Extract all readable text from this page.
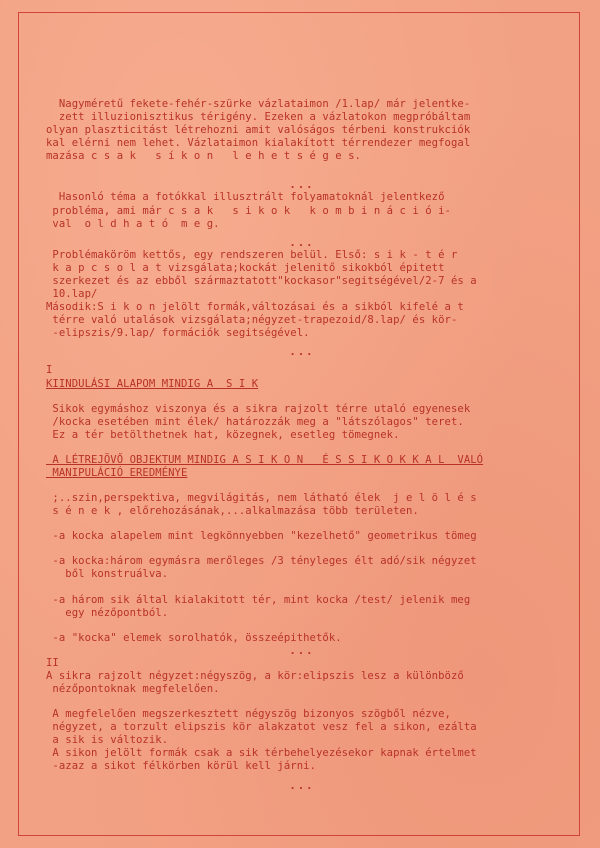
Nagyméretű fekete-fehér-szürke vázlataimon /1.lap/ már jelentke-

zett illuzionisztikus térigény. Ezeken a vázlatokon megpróbáltam

olyan plaszticitást létrehozni amit valóságos térbeni konstrukciók

kal elérni nem lehet. Vázlataimon kialakított térrendezer megfogal

mazása c s a k   s í k o n   l e h e t s é g e s.

...

Hasonló téma a fotókkal illusztrált folyamatoknál jelentkező

probléma, ami már c s a k   s i k o k   k o m b i n á c i ó i-

val  o l d h a t ó  m e g.

...

Problémaköröm kettős, egy rendszeren belül. Első: s i k - t é r

k a p c s o l a t vizsgálata;kockát jelenitő sikokból épitett

szerkezet és az ebből származtatott"kockasor"segitségével/2-7 és a

10.lap/

Második:S i k o n jelölt formák,változásai és a sikból kifelé a t

térre való utalások vizsgálata;négyzet-trapezoid/8.lap/ és kör-

-elipszis/9.lap/ formációk segitségével.

...

I

KIINDULÁSI ALAPOM MINDIG A  S I K

Sikok egymáshoz viszonya és a sikra rajzolt térre utaló egyenesek

/kocka esetében mint élek/ határozzák meg a "látszólagos" teret.

Ez a tér betölthetnek hat, közegnek, esetleg tömegnek.

A LÉTREJÖVŐ OBJEKTUM MINDIG A S I K O N   É S S I K O K K A L  VALÓ

MANIPULÁCIÓ EREDMÉNYE

;..szin,perspektiva, megvilágitás, nem látható élek  j e l ö l é s

s é n e k , előrehozásának,...alkalmazása több területen.

-a kocka alapelem mint legkönnyebben "kezelhető" geometrikus tömeg

-a kocka:három egymásra merőleges /3 tényleges élt adó/sik négyzet

ből konstruálva.

-a három sik által kialakitott tér, mint kocka /test/ jelenik meg

egy nézőpontból.

-a "kocka" elemek sorolhatók, összeépithetők.

...

II

A sikra rajzolt négyzet:négyszög, a kör:elipszis lesz a különböző

nézőpontoknak megfelelően.

A megfelelően megszerkesztett négyszög bizonyos szögből nézve,

négyzet, a torzult elipszis kör alakzatot vesz fel a sikon, ezálta

a sik is változik.

A sikon jelölt formák csak a sik térbehelyezésekor kapnak értelmet

-azaz a sikot félkörben körül kell járni.

...
